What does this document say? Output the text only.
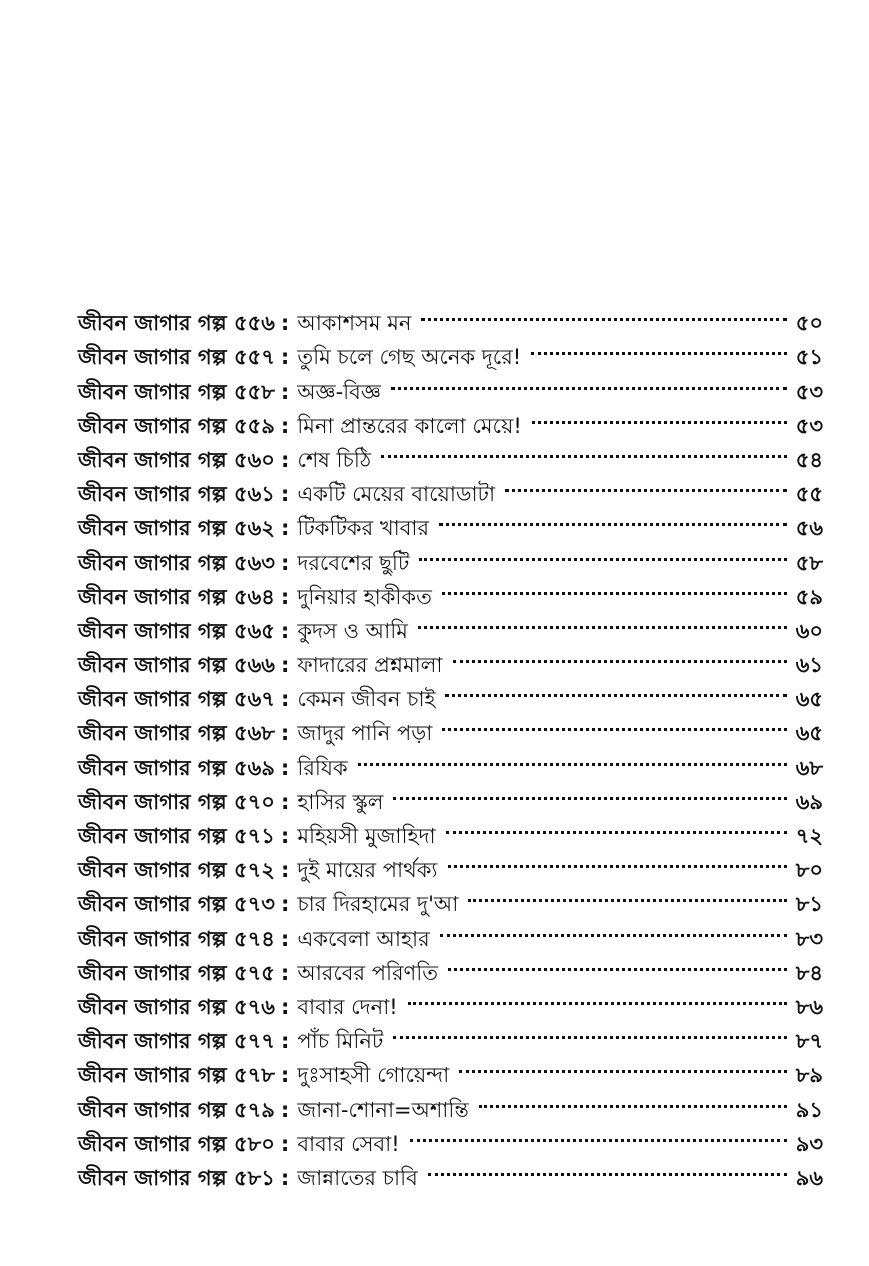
জীবন জাগার গল্প ৫৫৬ : আকাশসম মন	৫০
জীবন জাগার গল্প ৫৫৭ : তুমি চলে গেছ অনেক দূরে!	৫১
জীবন জাগার গল্প ৫৫৮ : অজ্ঞ-বিজ্ঞ	৫৩
জীবন জাগার গল্প ৫৫৯ : মিনা প্রান্তরের কালো মেয়ে!	৫৩
জীবন জাগার গল্প ৫৬০ : শেষ চিঠি	৫৪
জীবন জাগার গল্প ৫৬১ : একটি মেয়ের বায়োডাটা	৫৫
জীবন জাগার গল্প ৫৬২ : টিকটিকর খাবার	৫৬
জীবন জাগার গল্প ৫৬৩ : দরবেশের ছুটি	৫৮
জীবন জাগার গল্প ৫৬৪ : দুনিয়ার হাকীকত	৫৯
জীবন জাগার গল্প ৫৬৫ : কুদস ও আমি	৬০
জীবন জাগার গল্প ৫৬৬ : ফাদারের প্রশ্নমালা	৬১
জীবন জাগার গল্প ৫৬৭ : কেমন জীবন চাই	৬৫
জীবন জাগার গল্প ৫৬৮ : জাদুর পানি পড়া	৬৫
জীবন জাগার গল্প ৫৬৯ : রিযিক	৬৮
জীবন জাগার গল্প ৫৭০ : হাসির স্কুল	৬৯
জীবন জাগার গল্প ৫৭১ : মহিয়সী মুজাহিদা	৭২
জীবন জাগার গল্প ৫৭২ : দুই মায়ের পার্থক্য	৮০
জীবন জাগার গল্প ৫৭৩ : চার দিরহামের দু'আ	৮১
জীবন জাগার গল্প ৫৭৪ : একবেলা আহার	৮৩
জীবন জাগার গল্প ৫৭৫ : আরবের পরিণতি	৮৪
জীবন জাগার গল্প ৫৭৬ : বাবার দেনা!	৮৬
জীবন জাগার গল্প ৫৭৭ : পাঁচ মিনিট	৮৭
জীবন জাগার গল্প ৫৭৮ : দুঃসাহসী গোয়েন্দা	৮৯
জীবন জাগার গল্প ৫৭৯ : জানা-শোনা=অশান্তি	৯১
জীবন জাগার গল্প ৫৮০ : বাবার সেবা!	৯৩
জীবন জাগার গল্প ৫৮১ : জান্নাতের চাবি	৯৬
